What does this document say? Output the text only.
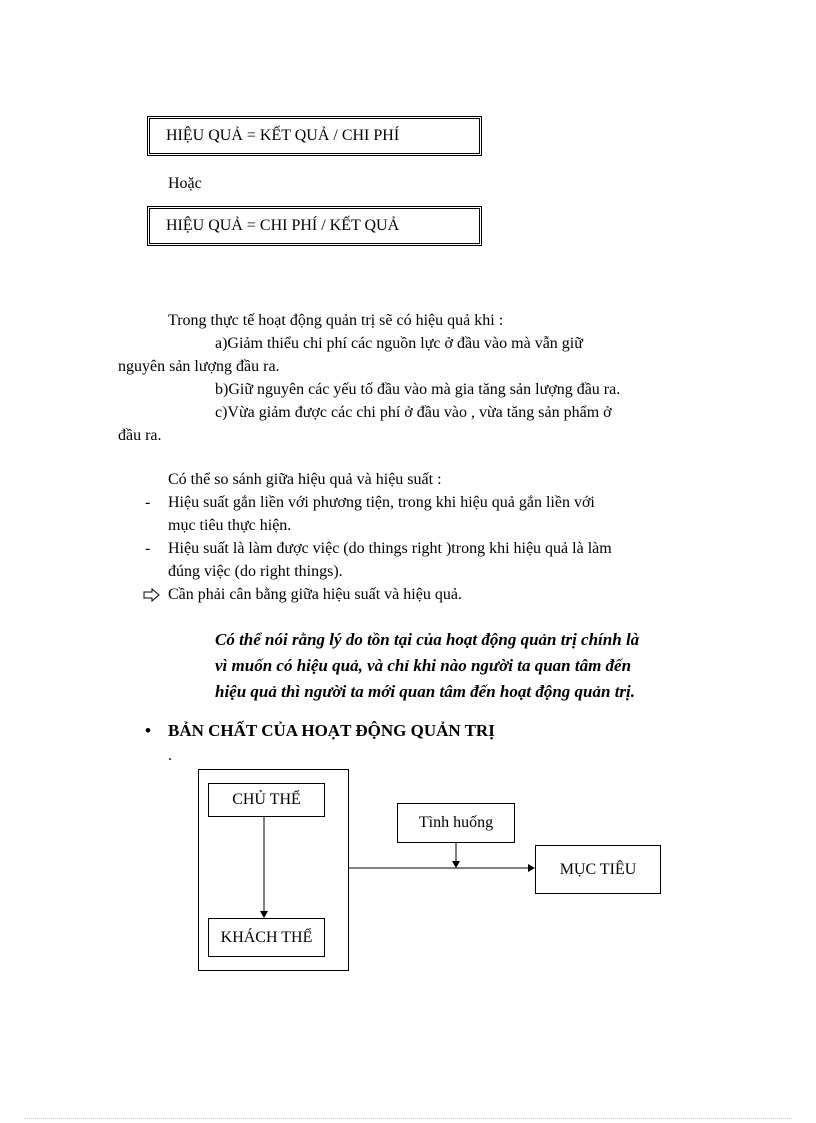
HIỆU QUẢ = KẾT QUẢ / CHI PHÍ
Hoặc
HIỆU QUẢ = CHI PHÍ / KẾT QUẢ
Trong thực tế hoạt động quản trị sẽ có hiệu quả khi :
a)Giảm thiểu chi phí các nguồn lực ở đầu vào mà vẫn giữ
nguyên sản lượng đầu ra.
b)Giữ nguyên các yếu tố đầu vào mà gia tăng sản lượng đầu ra.
c)Vừa giảm được các chi phí ở đầu vào , vừa tăng sản phẩm ở
đầu ra.
Có thể so sánh giữa hiệu quả và hiệu suất :
- Hiệu suất gắn liền với phương tiện, trong khi hiệu quả gắn liền với
mục tiêu thực hiện.
- Hiệu suất là làm được việc (do things right )trong khi hiệu quả là làm
đúng việc (do right things).
Cần phải cân bằng giữa hiệu suất và hiệu quả.
Có thể nói rằng lý do tồn tại của hoạt động quản trị chính là
vì muốn có hiệu quả, và chỉ khi nào người ta quan tâm đến
hiệu quả thì người ta mới quan tâm đến hoạt động quản trị.
• BẢN CHẤT CỦA HOẠT ĐỘNG QUẢN TRỊ
.
CHỦ THỂ
KHÁCH THỂ
Tình huống
MỤC TIÊU
